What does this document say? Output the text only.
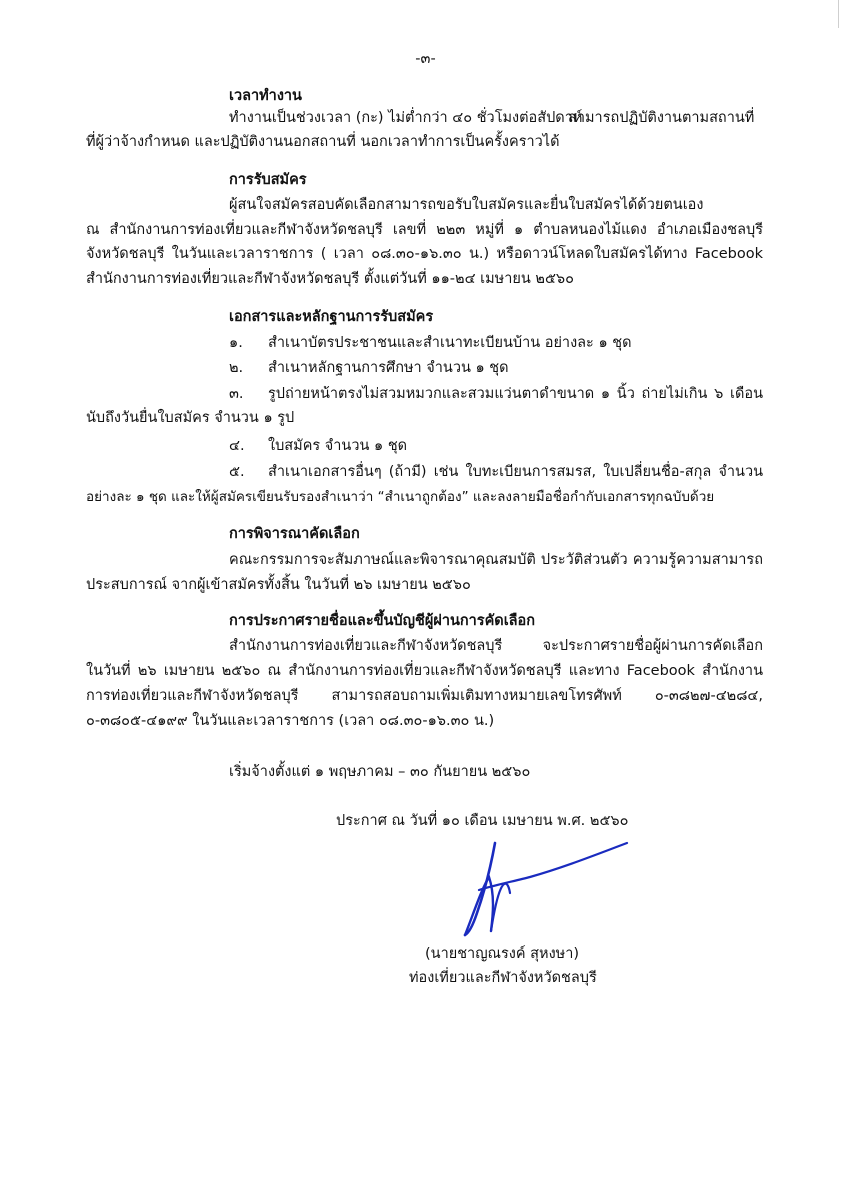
-๓-
เวลาทำงาน
ทำงานเป็นช่วงเวลา (กะ) ไม่ต่ำกว่า ๔๐ ชั่วโมงต่อสัปดาห์
สามารถปฏิบัติงานตามสถานที่
ที่ผู้ว่าจ้างกำหนด และปฏิบัติงานนอกสถานที่ นอกเวลาทำการเป็นครั้งคราวได้
การรับสมัคร
ผู้สนใจสมัครสอบคัดเลือกสามารถขอรับใบสมัครและยื่นใบสมัครได้ด้วยตนเอง
ณ สำนักงานการท่องเที่ยวและกีฬาจังหวัดชลบุรี เลขที่ ๒๒๓ หมู่ที่ ๑ ตำบลหนองไม้แดง อำเภอเมืองชลบุรี
จังหวัดชลบุรี ในวันและเวลาราชการ ( เวลา ๐๘.๓๐-๑๖.๓๐ น.) หรือดาวน์โหลดใบสมัครได้ทาง Facebook
สำนักงานการท่องเที่ยวและกีฬาจังหวัดชลบุรี ตั้งแต่วันที่ ๑๑-๒๔ เมษายน ๒๕๖๐
เอกสารและหลักฐานการรับสมัคร
๑. สำเนาบัตรประชาชนและสำเนาทะเบียนบ้าน อย่างละ ๑ ชุด
๒. สำเนาหลักฐานการศึกษา จำนวน ๑ ชุด
๓. รูปถ่ายหน้าตรงไม่สวมหมวกและสวมแว่นตาดำขนาด ๑ นิ้ว ถ่ายไม่เกิน ๖ เดือน
นับถึงวันยื่นใบสมัคร จำนวน ๑ รูป
๔. ใบสมัคร จำนวน ๑ ชุด
๕. สำเนาเอกสารอื่นๆ (ถ้ามี) เช่น ใบทะเบียนการสมรส, ใบเปลี่ยนชื่อ-สกุล จำนวน
อย่างละ ๑ ชุด และให้ผู้สมัครเขียนรับรองสำเนาว่า “สำเนาถูกต้อง” และลงลายมือชื่อกำกับเอกสารทุกฉบับด้วย
การพิจารณาคัดเลือก
คณะกรรมการจะสัมภาษณ์และพิจารณาคุณสมบัติ ประวัติส่วนตัว ความรู้ความสามารถ
ประสบการณ์ จากผู้เข้าสมัครทั้งสิ้น ในวันที่ ๒๖ เมษายน ๒๕๖๐
การประกาศรายชื่อและขึ้นบัญชีผู้ผ่านการคัดเลือก
สำนักงานการท่องเที่ยวและกีฬาจังหวัดชลบุรี จะประกาศรายชื่อผู้ผ่านการคัดเลือก
ในวันที่ ๒๖ เมษายน ๒๕๖๐ ณ สำนักงานการท่องเที่ยวและกีฬาจังหวัดชลบุรี และทาง Facebook สำนักงาน
การท่องเที่ยวและกีฬาจังหวัดชลบุรี สามารถสอบถามเพิ่มเติมทางหมายเลขโทรศัพท์ ๐-๓๘๒๗-๔๒๘๔,
๐-๓๘๐๕-๔๑๙๙ ในวันและเวลาราชการ (เวลา ๐๘.๓๐-๑๖.๓๐ น.)
เริ่มจ้างตั้งแต่ ๑ พฤษภาคม – ๓๐ กันยายน ๒๕๖๐
ประกาศ ณ วันที่ ๑๐ เดือน เมษายน พ.ศ. ๒๕๖๐
(นายชาญณรงค์ สุหงษา)
ท่องเที่ยวและกีฬาจังหวัดชลบุรี
